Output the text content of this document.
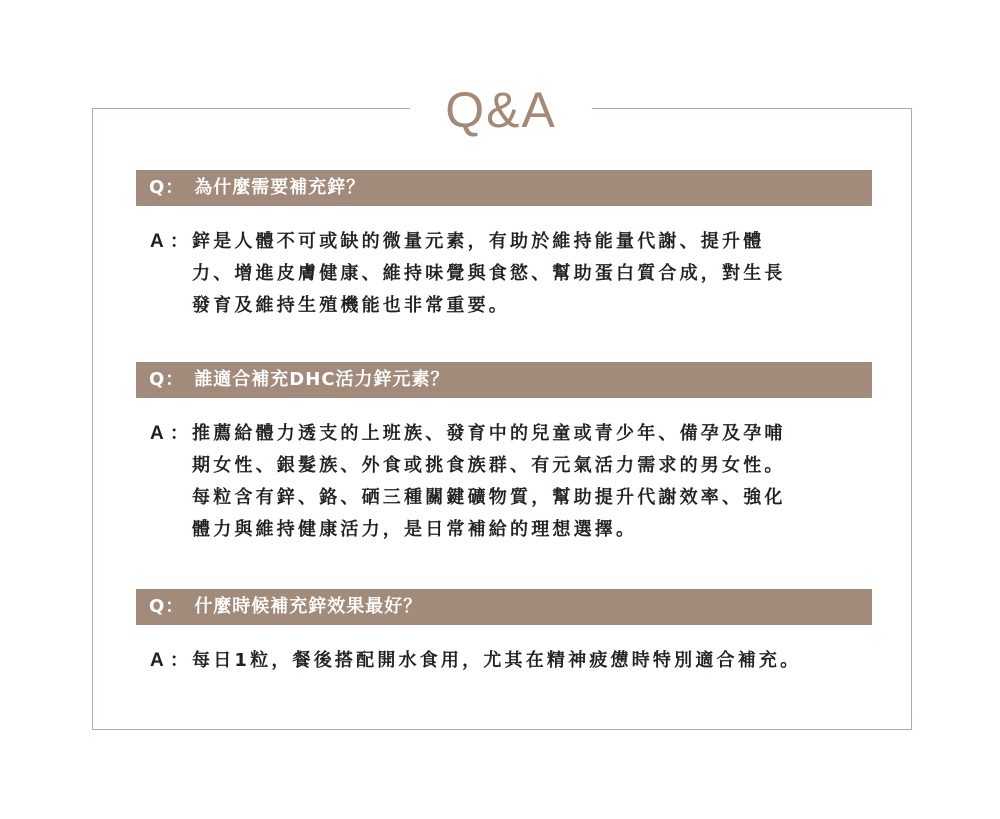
Q&A
Q： 為什麼需要補充鋅？
A ： 鋅是人體不可或缺的微量元素，有助於維持能量代謝、提升體
力、增進皮膚健康、維持味覺與食慾、幫助蛋白質合成，對生長
發育及維持生殖機能也非常重要。
Q： 誰適合補充DHC活力鋅元素？
A ： 推薦給體力透支的上班族、發育中的兒童或青少年、備孕及孕哺
期女性、銀髮族、外食或挑食族群、有元氣活力需求的男女性。
每粒含有鋅、鉻、硒三種關鍵礦物質，幫助提升代謝效率、強化
體力與維持健康活力，是日常補給的理想選擇。
Q： 什麼時候補充鋅效果最好？
A ： 每日1粒，餐後搭配開水食用，尤其在精神疲憊時特別適合補充。
